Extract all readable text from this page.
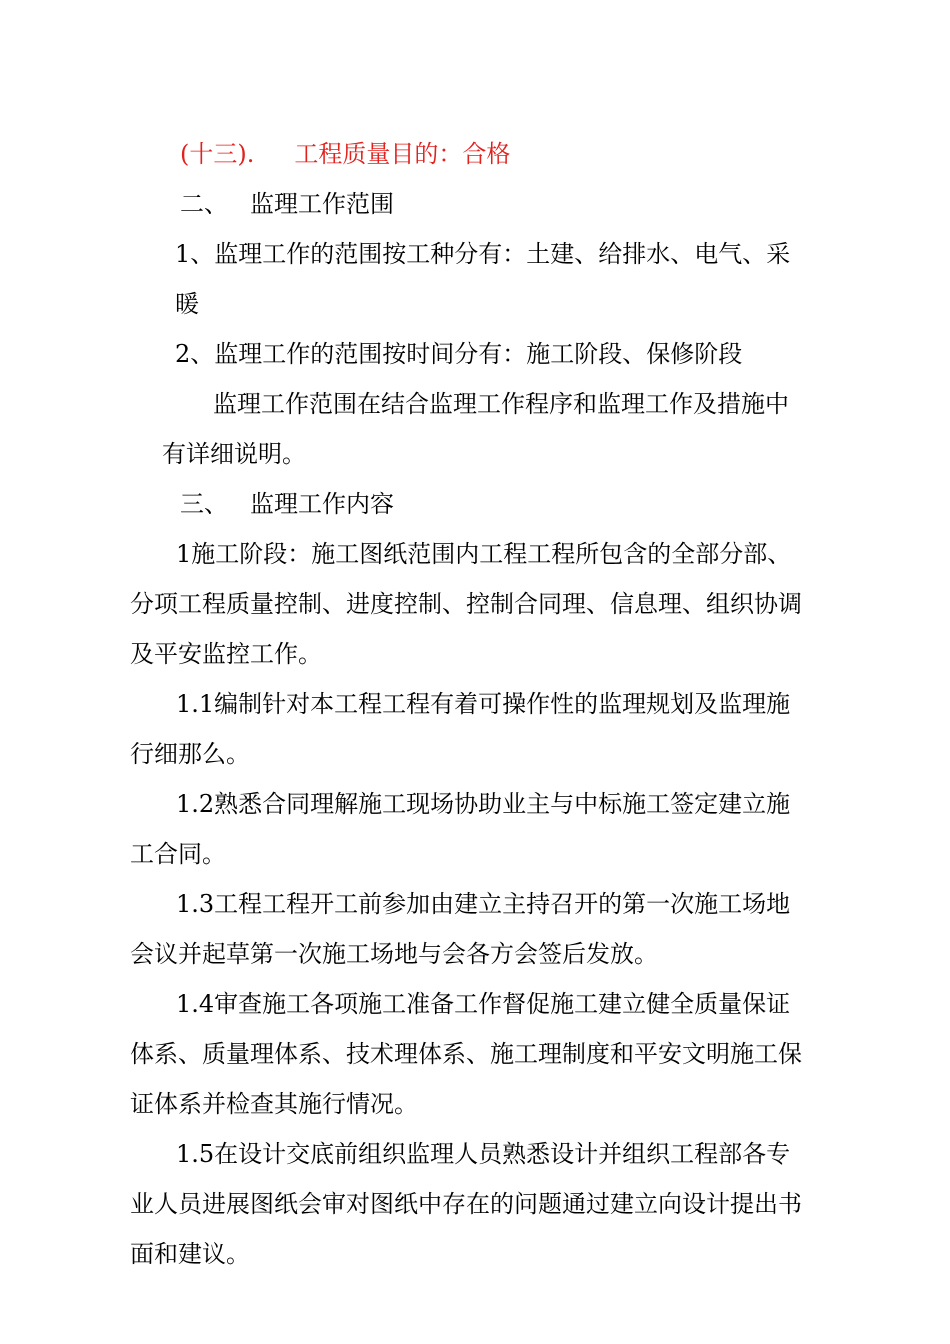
(十三). 工程质量目的：合格
二、 监理工作范围
1、监理工作的范围按工种分有：土建、给排水、电气、采
暖
2、监理工作的范围按时间分有：施工阶段、保修阶段
监理工作范围在结合监理工作程序和监理工作及措施中
有详细说明。
三、 监理工作内容
1施工阶段：施工图纸范围内工程工程所包含的全部分部、
分项工程质量控制、进度控制、控制合同理、信息理、组织协调
及平安监控工作。
1.1编制针对本工程工程有着可操作性的监理规划及监理施
行细那么。
1.2熟悉合同理解施工现场协助业主与中标施工签定建立施
工合同。
1.3工程工程开工前参加由建立主持召开的第一次施工场地
会议并起草第一次施工场地与会各方会签后发放。
1.4审查施工各项施工准备工作督促施工建立健全质量保证
体系、质量理体系、技术理体系、施工理制度和平安文明施工保
证体系并检查其施行情况。
1.5在设计交底前组织监理人员熟悉设计并组织工程部各专
业人员进展图纸会审对图纸中存在的问题通过建立向设计提出书
面和建议。
